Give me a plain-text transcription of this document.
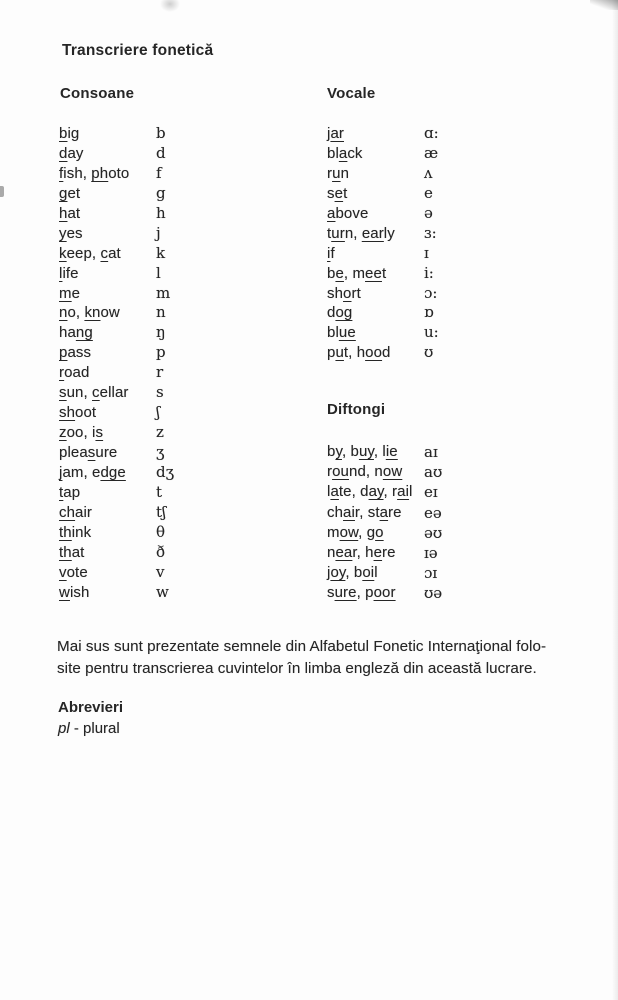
Transcriere fonetică
Consoane	Vocale
Diftongi
big	b
day	d
fish, photo	f
get	g
hat	h
yes	j
keep, cat	k
life	l
me	m
no, know	n
hang	ŋ
pass	p
road	r
sun, cellar	s
shoot	ʃ
zoo, is	z
pleasure	ʒ
jam, edge	dʒ
tap	t
chair	tʃ
think	θ
that	ð
vote	v
wish	w
jar	ɑ:
black	æ
run	ʌ
set	e
above	ə
turn, early	ɜ:
if	ɪ
be, meet	i:
short	ɔ:
dog	ɒ
blue	u:
put, hood	ʊ
by, buy, lie	aɪ
round, now	aʊ
late, day, rail eɪ
chair, stare	eə
mow, go	əʊ
near, here	ɪə
joy, boil	ɔɪ
sure, poor	ʊə
Mai sus sunt prezentate semnele din Alfabetul Fonetic Internaţional folo-
site pentru transcrierea cuvintelor în limba engleză din această lucrare.
Abrevieri
pl - plural
